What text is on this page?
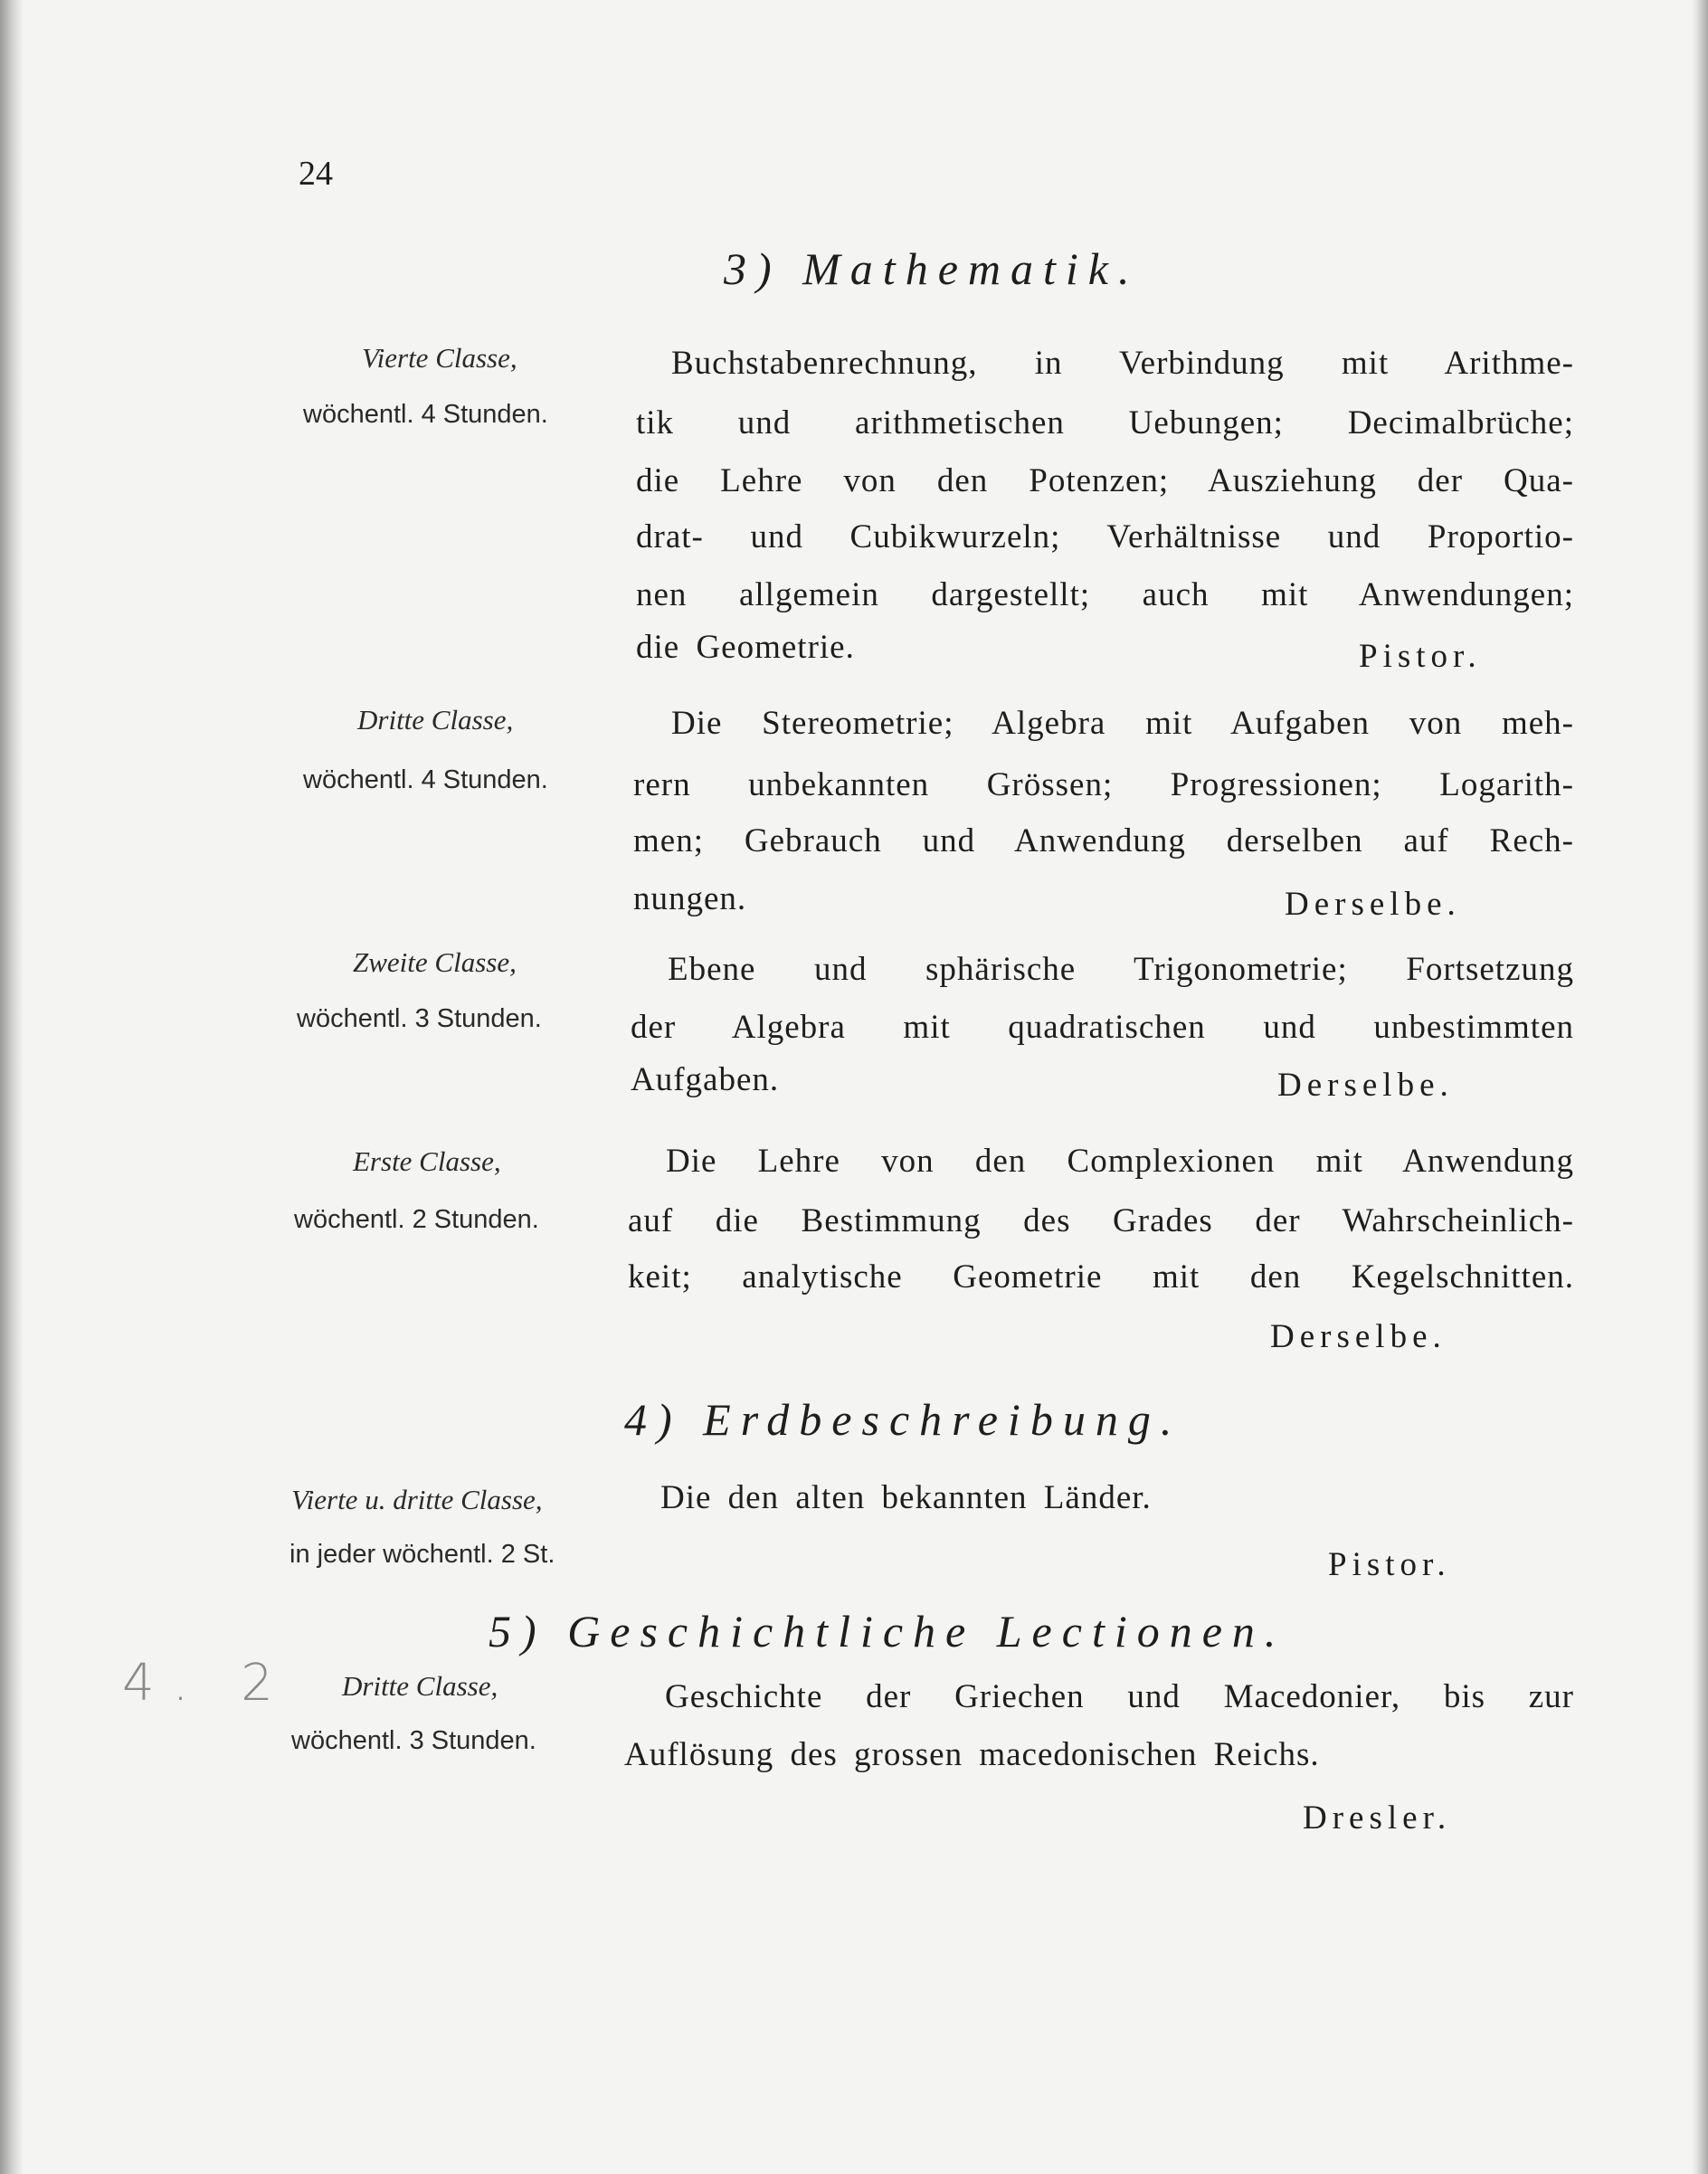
24
3) Mathematik.
Vierte Classe,
wöchentl. 4 Stunden.
Buchstabenrechnung, in Verbindung mit Arithme-
tik und arithmetischen Uebungen; Decimalbrüche;
die Lehre von den Potenzen; Ausziehung der Qua-
drat- und Cubikwurzeln; Verhältnisse und Proportio-
nen allgemein dargestellt; auch mit Anwendungen;
die Geometrie.	Pistor.
Dritte Classe,
wöchentl. 4 Stunden.
Die Stereometrie; Algebra mit Aufgaben von meh-
rern unbekannten Grössen; Progressionen; Logarith-
men; Gebrauch und Anwendung derselben auf Rech-
nungen.	Derselbe.
Zweite Classe,
wöchentl. 3 Stunden.
Ebene und sphärische Trigonometrie; Fortsetzung
der Algebra mit quadratischen und unbestimmten
Aufgaben.	Derselbe.
Erste Classe,
wöchentl. 2 Stunden.
Die Lehre von den Complexionen mit Anwendung
auf die Bestimmung des Grades der Wahrscheinlich-
keit; analytische Geometrie mit den Kegelschnitten.
Derselbe.
4) Erdbeschreibung.
Vierte u. dritte Classe,
in jeder wöchentl. 2 St.
Die den alten bekannten Länder.
Pistor.
5) Geschichtliche Lectionen.
4. 2 Dritte Classe,
wöchentl. 3 Stunden.
Geschichte der Griechen und Macedonier, bis zur
Auflösung des grossen macedonischen Reichs.
Dresler.
